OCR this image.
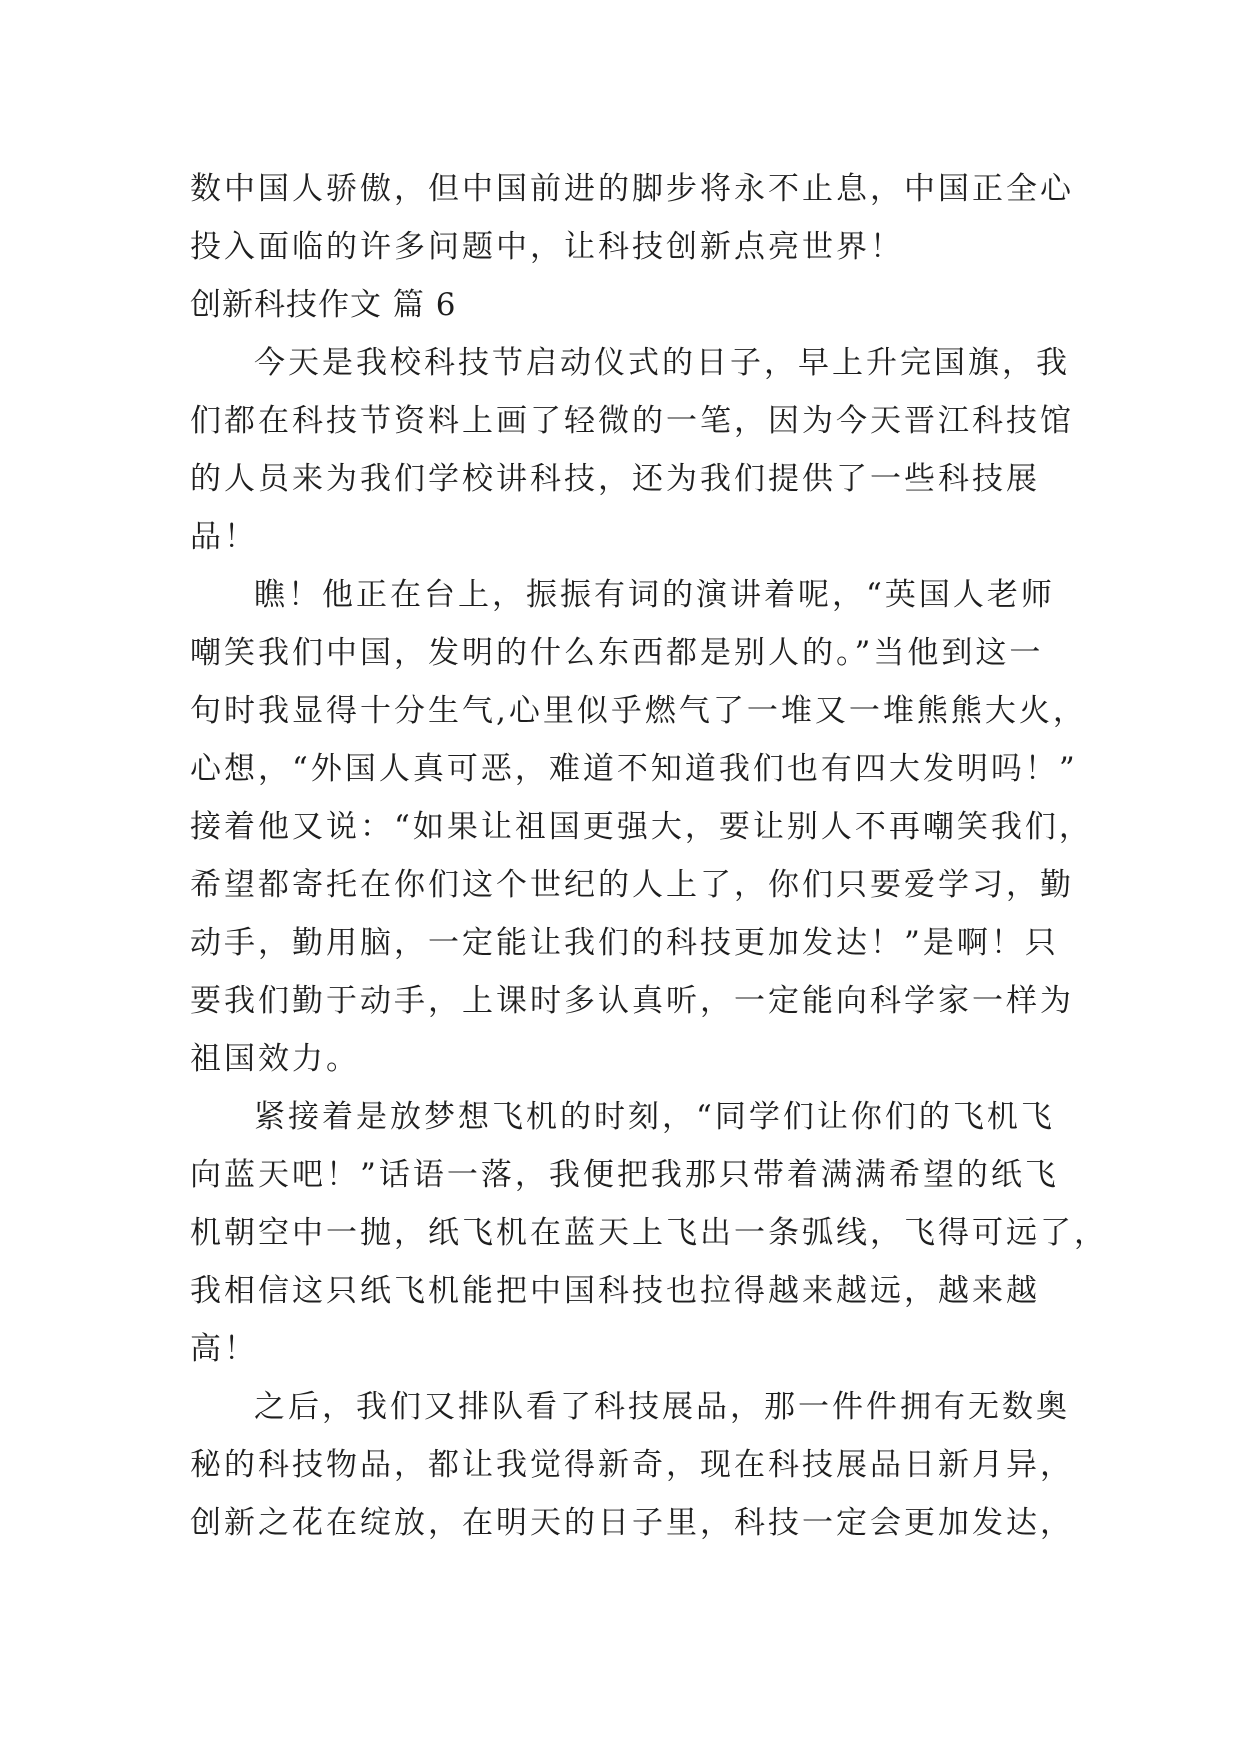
数中国人骄傲，但中国前进的脚步将永不止息，中国正全心
投入面临的许多问题中，让科技创新点亮世界！
创新科技作文 篇 6
今天是我校科技节启动仪式的日子，早上升完国旗，我
们都在科技节资料上画了轻微的一笔，因为今天晋江科技馆
的人员来为我们学校讲科技，还为我们提供了一些科技展
品！
瞧！他正在台上，振振有词的演讲着呢，“英国人老师
嘲笑我们中国，发明的什么东西都是别人的。”当他到这一
句时我显得十分生气,心里似乎燃气了一堆又一堆熊熊大火，
心想，“外国人真可恶，难道不知道我们也有四大发明吗！”
接着他又说：“如果让祖国更强大，要让别人不再嘲笑我们，
希望都寄托在你们这个世纪的人上了，你们只要爱学习，勤
动手，勤用脑，一定能让我们的科技更加发达！”是啊！只
要我们勤于动手，上课时多认真听，一定能向科学家一样为
祖国效力。
紧接着是放梦想飞机的时刻，“同学们让你们的飞机飞
向蓝天吧！”话语一落，我便把我那只带着满满希望的纸飞
机朝空中一抛，纸飞机在蓝天上飞出一条弧线，飞得可远了，
我相信这只纸飞机能把中国科技也拉得越来越远，越来越
高！
之后，我们又排队看了科技展品，那一件件拥有无数奥
秘的科技物品，都让我觉得新奇，现在科技展品日新月异，
创新之花在绽放，在明天的日子里，科技一定会更加发达，
